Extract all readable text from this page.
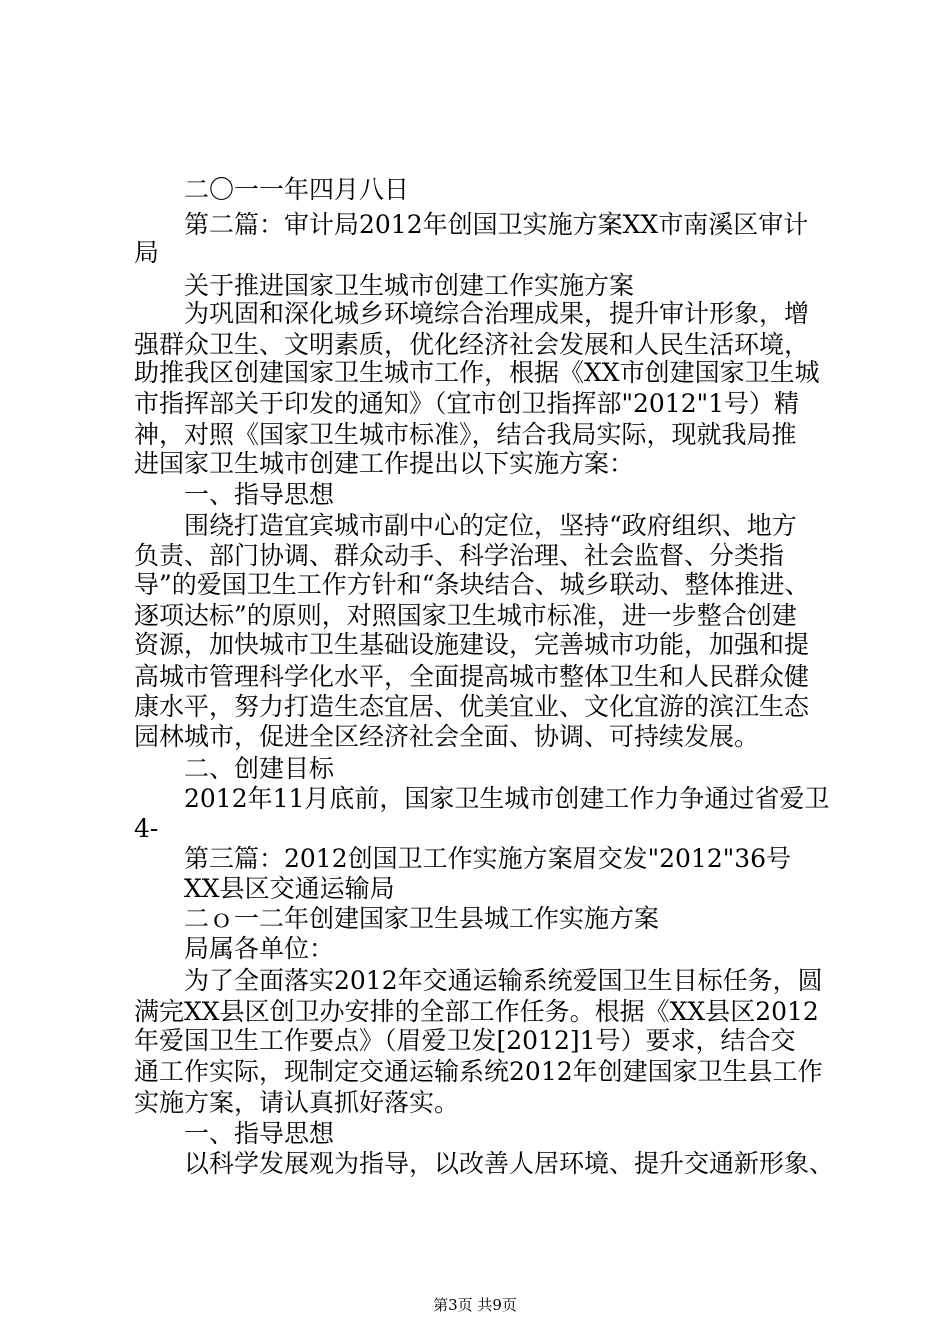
　　二〇一一年四月八日
　　第二篇：审计局2012年创国卫实施方案XX市南溪区审计
局
　　关于推进国家卫生城市创建工作实施方案
　　为巩固和深化城乡环境综合治理成果，提升审计形象，增
强群众卫生、文明素质，优化经济社会发展和人民生活环境，
助推我区创建国家卫生城市工作，根据《XX市创建国家卫生城
市指挥部关于印发的通知》（宜市创卫指挥部"2012"1号）精
神，对照《国家卫生城市标准》，结合我局实际，现就我局推
进国家卫生城市创建工作提出以下实施方案：
　　一、指导思想
　　围绕打造宜宾城市副中心的定位，坚持“政府组织、地方
负责、部门协调、群众动手、科学治理、社会监督、分类指
导”的爱国卫生工作方针和“条块结合、城乡联动、整体推进、
逐项达标”的原则，对照国家卫生城市标准，进一步整合创建
资源，加快城市卫生基础设施建设，完善城市功能，加强和提
高城市管理科学化水平，全面提高城市整体卫生和人民群众健
康水平，努力打造生态宜居、优美宜业、文化宜游的滨江生态
园林城市，促进全区经济社会全面、协调、可持续发展。
　　二、创建目标
　　2012年11月底前，国家卫生城市创建工作力争通过省爱卫
4-
　　第三篇：2012创国卫工作实施方案眉交发"2012"36号
　　XX县区交通运输局
　　二ｏ一二年创建国家卫生县城工作实施方案
　　局属各单位：
　　为了全面落实2012年交通运输系统爱国卫生目标任务，圆
满完XX县区创卫办安排的全部工作任务。根据《XX县区2012
年爱国卫生工作要点》（眉爱卫发[2012]1号）要求，结合交
通工作实际，现制定交通运输系统2012年创建国家卫生县工作
实施方案，请认真抓好落实。
　　一、指导思想
　　以科学发展观为指导，以改善人居环境、提升交通新形象、
第3页 共9页
